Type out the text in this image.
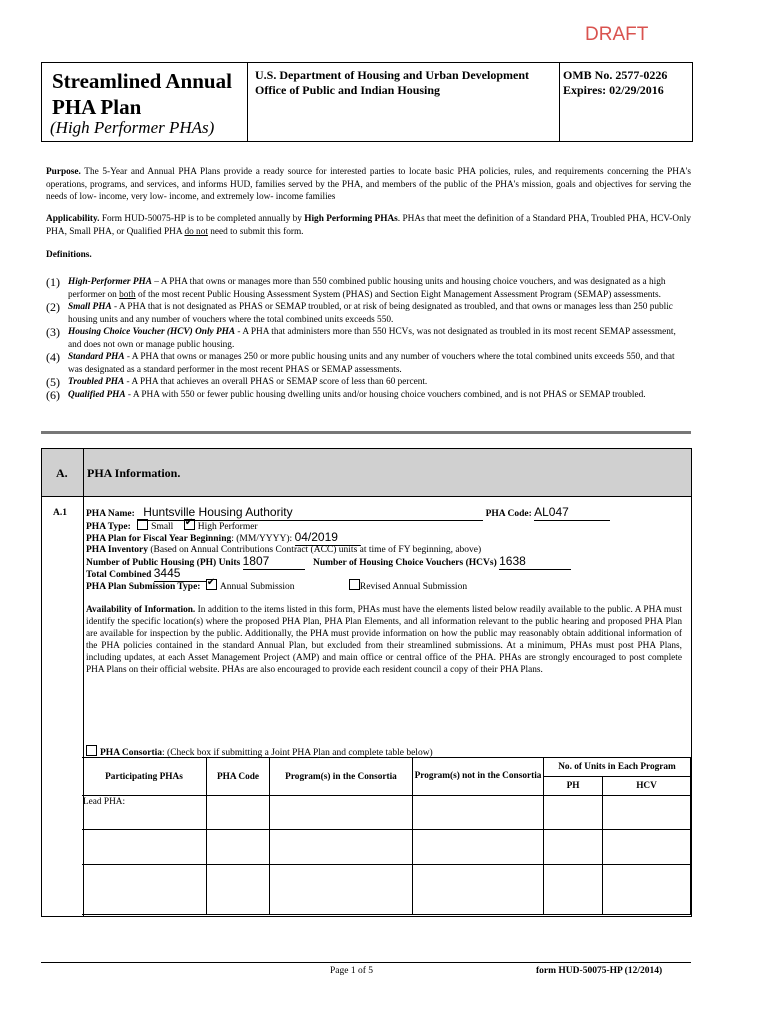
DRAFT
Streamlined Annual
PHA Plan
(High Performer PHAs)
U.S. Department of Housing and Urban Development
Office of Public and Indian Housing
OMB No. 2577-0226
Expires: 02/29/2016
Purpose. The 5-Year and Annual PHA Plans provide a ready source for interested parties to locate basic PHA policies, rules, and requirements concerning the PHA's operations, programs, and services, and informs HUD, families served by the PHA, and members of the public of the PHA's mission, goals and objectives for serving the needs of low- income, very low- income, and extremely low- income families
Applicability. Form HUD-50075-HP is to be completed annually by High Performing PHAs. PHAs that meet the definition of a Standard PHA, Troubled PHA, HCV-Only PHA, Small PHA, or Qualified PHA do not need to submit this form.
Definitions.
(1) High-Performer PHA – A PHA that owns or manages more than 550 combined public housing units and housing choice vouchers, and was designated as a high performer on both of the most recent Public Housing Assessment System (PHAS) and Section Eight Management Assessment Program (SEMAP) assessments.
(2) Small PHA - A PHA that is not designated as PHAS or SEMAP troubled, or at risk of being designated as troubled, and that owns or manages less than 250 public housing units and any number of vouchers where the total combined units exceeds 550.
(3) Housing Choice Voucher (HCV) Only PHA - A PHA that administers more than 550 HCVs, was not designated as troubled in its most recent SEMAP assessment, and does not own or manage public housing.
(4) Standard PHA - A PHA that owns or manages 250 or more public housing units and any number of vouchers where the total combined units exceeds 550, and that was designated as a standard performer in the most recent PHAS or SEMAP assessments.
(5) Troubled PHA - A PHA that achieves an overall PHAS or SEMAP score of less than 60 percent.
(6) Qualified PHA - A PHA with 550 or fewer public housing dwelling units and/or housing choice vouchers combined, and is not PHAS or SEMAP troubled.
A. PHA Information.
A.1 PHA Name: Huntsville Housing Authority	PHA Code: AL047
PHA Type: Small ✔	High Performer
PHA Plan for Fiscal Year Beginning: (MM/YYYY): 04/2019
PHA Inventory (Based on Annual Contributions Contract (ACC) units at time of FY beginning, above)
Number of Public Housing (PH) Units 1807	Number of Housing Choice Vouchers (HCVs) 1638
Total Combined 3445
PHA Plan Submission Type: ✔ Annual Submission	Revised Annual Submission
Availability of Information. In addition to the items listed in this form, PHAs must have the elements listed below readily available to the public. A PHA must identify the specific location(s) where the proposed PHA Plan, PHA Plan Elements, and all information relevant to the public hearing and proposed PHA Plan are available for inspection by the public. Additionally, the PHA must provide information on how the public may reasonably obtain additional information of the PHA policies contained in the standard Annual Plan, but excluded from their streamlined submissions. At a minimum, PHAs must post PHA Plans, including updates, at each Asset Management Project (AMP) and main office or central office of the PHA. PHAs are strongly encouraged to post complete PHA Plans on their official website. PHAs are also encouraged to provide each resident council a copy of their PHA Plans.
PHA Consortia: (Check box if submitting a Joint PHA Plan and complete table below)
Participating PHAs	PHA Code	Program(s) in the Consortia	Program(s) not in the Consortia	No. of Units in Each Program	
				PH	HCV
Lead PHA:					

Page 1 of 5	form HUD-50075-HP (12/2014)
